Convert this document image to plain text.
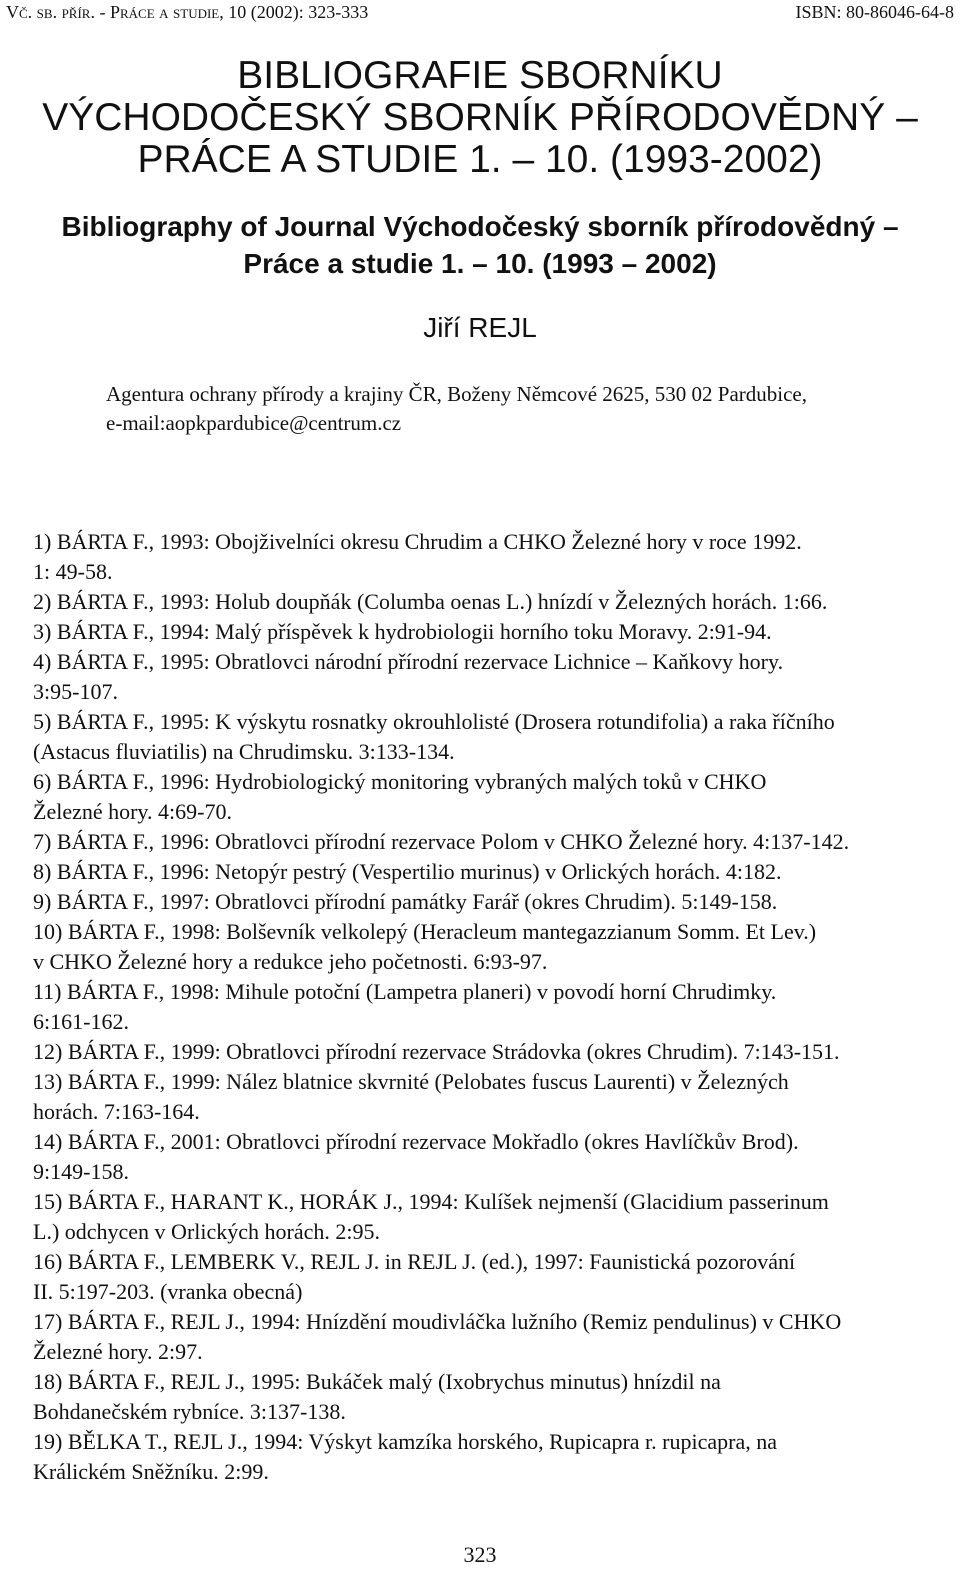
Vč. sb. přír. - Práce a studie, 10 (2002): 323-333	ISBN: 80-86046-64-8
BIBLIOGRAFIE SBORNÍKU
VÝCHODOČESKÝ SBORNÍK PŘÍRODOVĚDNÝ –
PRÁCE A STUDIE 1. – 10. (1993-2002)
Bibliography of Journal Východočeský sborník přírodovědný –
Práce a studie 1. – 10. (1993 – 2002)
Jiří REJL
Agentura ochrany přírody a krajiny ČR, Boženy Němcové 2625, 530 02 Pardubice,
e-mail:aopkpardubice@centrum.cz
1) BÁRTA F., 1993: Obojživelníci okresu Chrudim a CHKO Železné hory v roce 1992.
1: 49-58.
2) BÁRTA F., 1993: Holub doupňák (Columba oenas L.) hnízdí v Železných horách. 1:66.
3) BÁRTA F., 1994: Malý příspěvek k hydrobiologii horního toku Moravy. 2:91-94.
4) BÁRTA F., 1995: Obratlovci národní přírodní rezervace Lichnice – Kaňkovy hory.
3:95-107.
5) BÁRTA F., 1995: K výskytu rosnatky okrouhlolisté (Drosera rotundifolia) a raka říčního
(Astacus fluviatilis) na Chrudimsku. 3:133-134.
6) BÁRTA F., 1996: Hydrobiologický monitoring vybraných malých toků v CHKO
Železné hory. 4:69-70.
7) BÁRTA F., 1996: Obratlovci přírodní rezervace Polom v CHKO Železné hory. 4:137-142.
8) BÁRTA F., 1996: Netopýr pestrý (Vespertilio murinus) v Orlických horách. 4:182.
9) BÁRTA F., 1997: Obratlovci přírodní památky Farář (okres Chrudim). 5:149-158.
10) BÁRTA F., 1998: Bolševník velkolepý (Heracleum mantegazzianum Somm. Et Lev.)
v CHKO Železné hory a redukce jeho početnosti. 6:93-97.
11) BÁRTA F., 1998: Mihule potoční (Lampetra planeri) v povodí horní Chrudimky.
6:161-162.
12) BÁRTA F., 1999: Obratlovci přírodní rezervace Strádovka (okres Chrudim). 7:143-151.
13) BÁRTA F., 1999: Nález blatnice skvrnité (Pelobates fuscus Laurenti) v Železných
horách. 7:163-164.
14) BÁRTA F., 2001: Obratlovci přírodní rezervace Mokřadlo (okres Havlíčkův Brod).
9:149-158.
15) BÁRTA F., HARANT K., HORÁK J., 1994: Kulíšek nejmenší (Glacidium passerinum
L.) odchycen v Orlických horách. 2:95.
16) BÁRTA F., LEMBERK V., REJL J. in REJL J. (ed.), 1997: Faunistická pozorování
II. 5:197-203. (vranka obecná)
17) BÁRTA F., REJL J., 1994: Hnízdění moudivláčka lužního (Remiz pendulinus) v CHKO
Železné hory. 2:97.
18) BÁRTA F., REJL J., 1995: Bukáček malý (Ixobrychus minutus) hnízdil na
Bohdanečském rybníce. 3:137-138.
19) BĚLKA T., REJL J., 1994: Výskyt kamzíka horského, Rupicapra r. rupicapra, na
Králickém Sněžníku. 2:99.
323
